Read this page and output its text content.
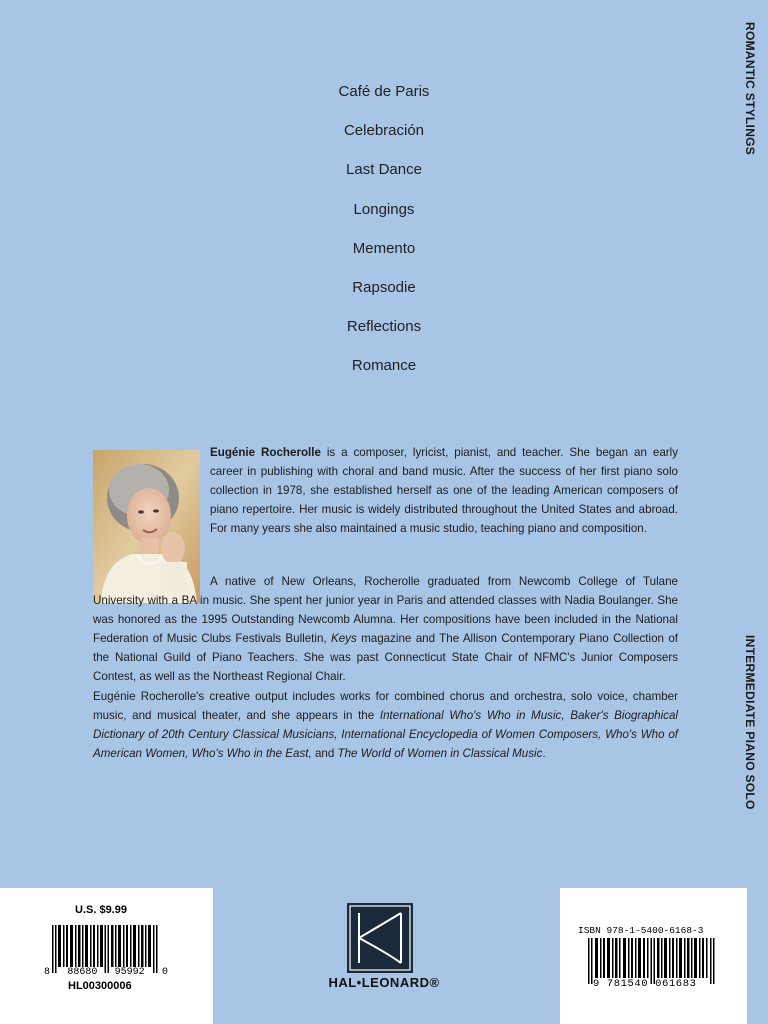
ROMANTIC STYLINGS
INTERMEDIATE PIANO SOLO
Café de Paris
Celebración
Last Dance
Longings
Memento
Rapsodie
Reflections
Romance

Eugénie Rocherolle is a composer, lyricist, pianist, and teacher. She began an early career in publishing with choral and band music. After the success of her first piano solo collection in 1978, she established herself as one of the leading American composers of piano repertoire. Her music is widely distributed throughout the United States and abroad. For many years she also maintained a music studio, teaching piano and composition.

A native of New Orleans, Rocherolle graduated from Newcomb College of Tulane University with a BA in music. She spent her junior year in Paris and attended classes with Nadia Boulanger. She was honored as the 1995 Outstanding Newcomb Alumna. Her compositions have been included in the National Federation of Music Clubs Festivals Bulletin, Keys magazine and The Allison Contemporary Piano Collection of the National Guild of Piano Teachers. She was past Connecticut State Chair of NFMC's Junior Composers Contest, as well as the Northeast Regional Chair.

Eugénie Rocherolle's creative output includes works for combined chorus and orchestra, solo voice, chamber music, and musical theater, and she appears in the International Who's Who in Music, Baker's Biographical Dictionary of 20th Century Classical Musicians, International Encyclopedia of Women Composers, Who's Who of American Women, Who's Who in the East, and The World of Women in Classical Music.

U.S. $9.99
8 88680 95992 0
HL00300006	HAL•LEONARD®
ISBN 978-1-5400-6168-3
9 781540 061683
